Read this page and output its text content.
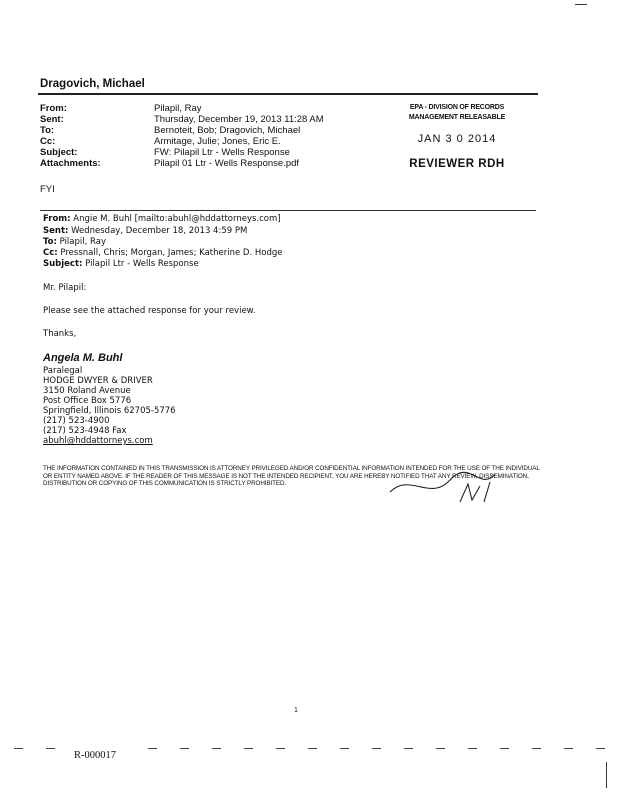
Dragovich, Michael
From:	Pilapil, Ray
Sent:	Thursday, December 19, 2013 11:28 AM
To:	Bernoteit, Bob; Dragovich, Michael
Cc:	Armitage, Julie; Jones, Eric E.
Subject:	FW: Pilapil Ltr - Wells Response
Attachments:	Pilapil 01 Ltr - Wells Response.pdf
EPA - DIVISION OF RECORDS MANAGEMENT RELEASABLE
JAN 3 0 2014
REVIEWER RDH
FYI
From: Angie M. Buhl [mailto:abuhl@hddattorneys.com]
Sent: Wednesday, December 18, 2013 4:59 PM
To: Pilapil, Ray
Cc: Pressnall, Chris; Morgan, James; Katherine D. Hodge
Subject: Pilapil Ltr - Wells Response
Mr. Pilapil:
Please see the attached response for your review.
Thanks,
Angela M. Buhl
Paralegal
HODGE DWYER & DRIVER
3150 Roland Avenue
Post Office Box 5776
Springfield, Illinois 62705-5776
(217) 523-4900
(217) 523-4948 Fax
abuhl@hddattorneys.com
THE INFORMATION CONTAINED IN THIS TRANSMISSION IS ATTORNEY PRIVILEGED AND/OR CONFIDENTIAL INFORMATION INTENDED FOR THE USE OF THE INDIVIDUAL OR ENTITY NAMED ABOVE. IF THE READER OF THIS MESSAGE IS NOT THE INTENDED RECIPIENT, YOU ARE HEREBY NOTIFIED THAT ANY REVIEW, DISSEMINATION, DISTRIBUTION OR COPYING OF THIS COMMUNICATION IS STRICTLY PROHIBITED.
1
R-000017
